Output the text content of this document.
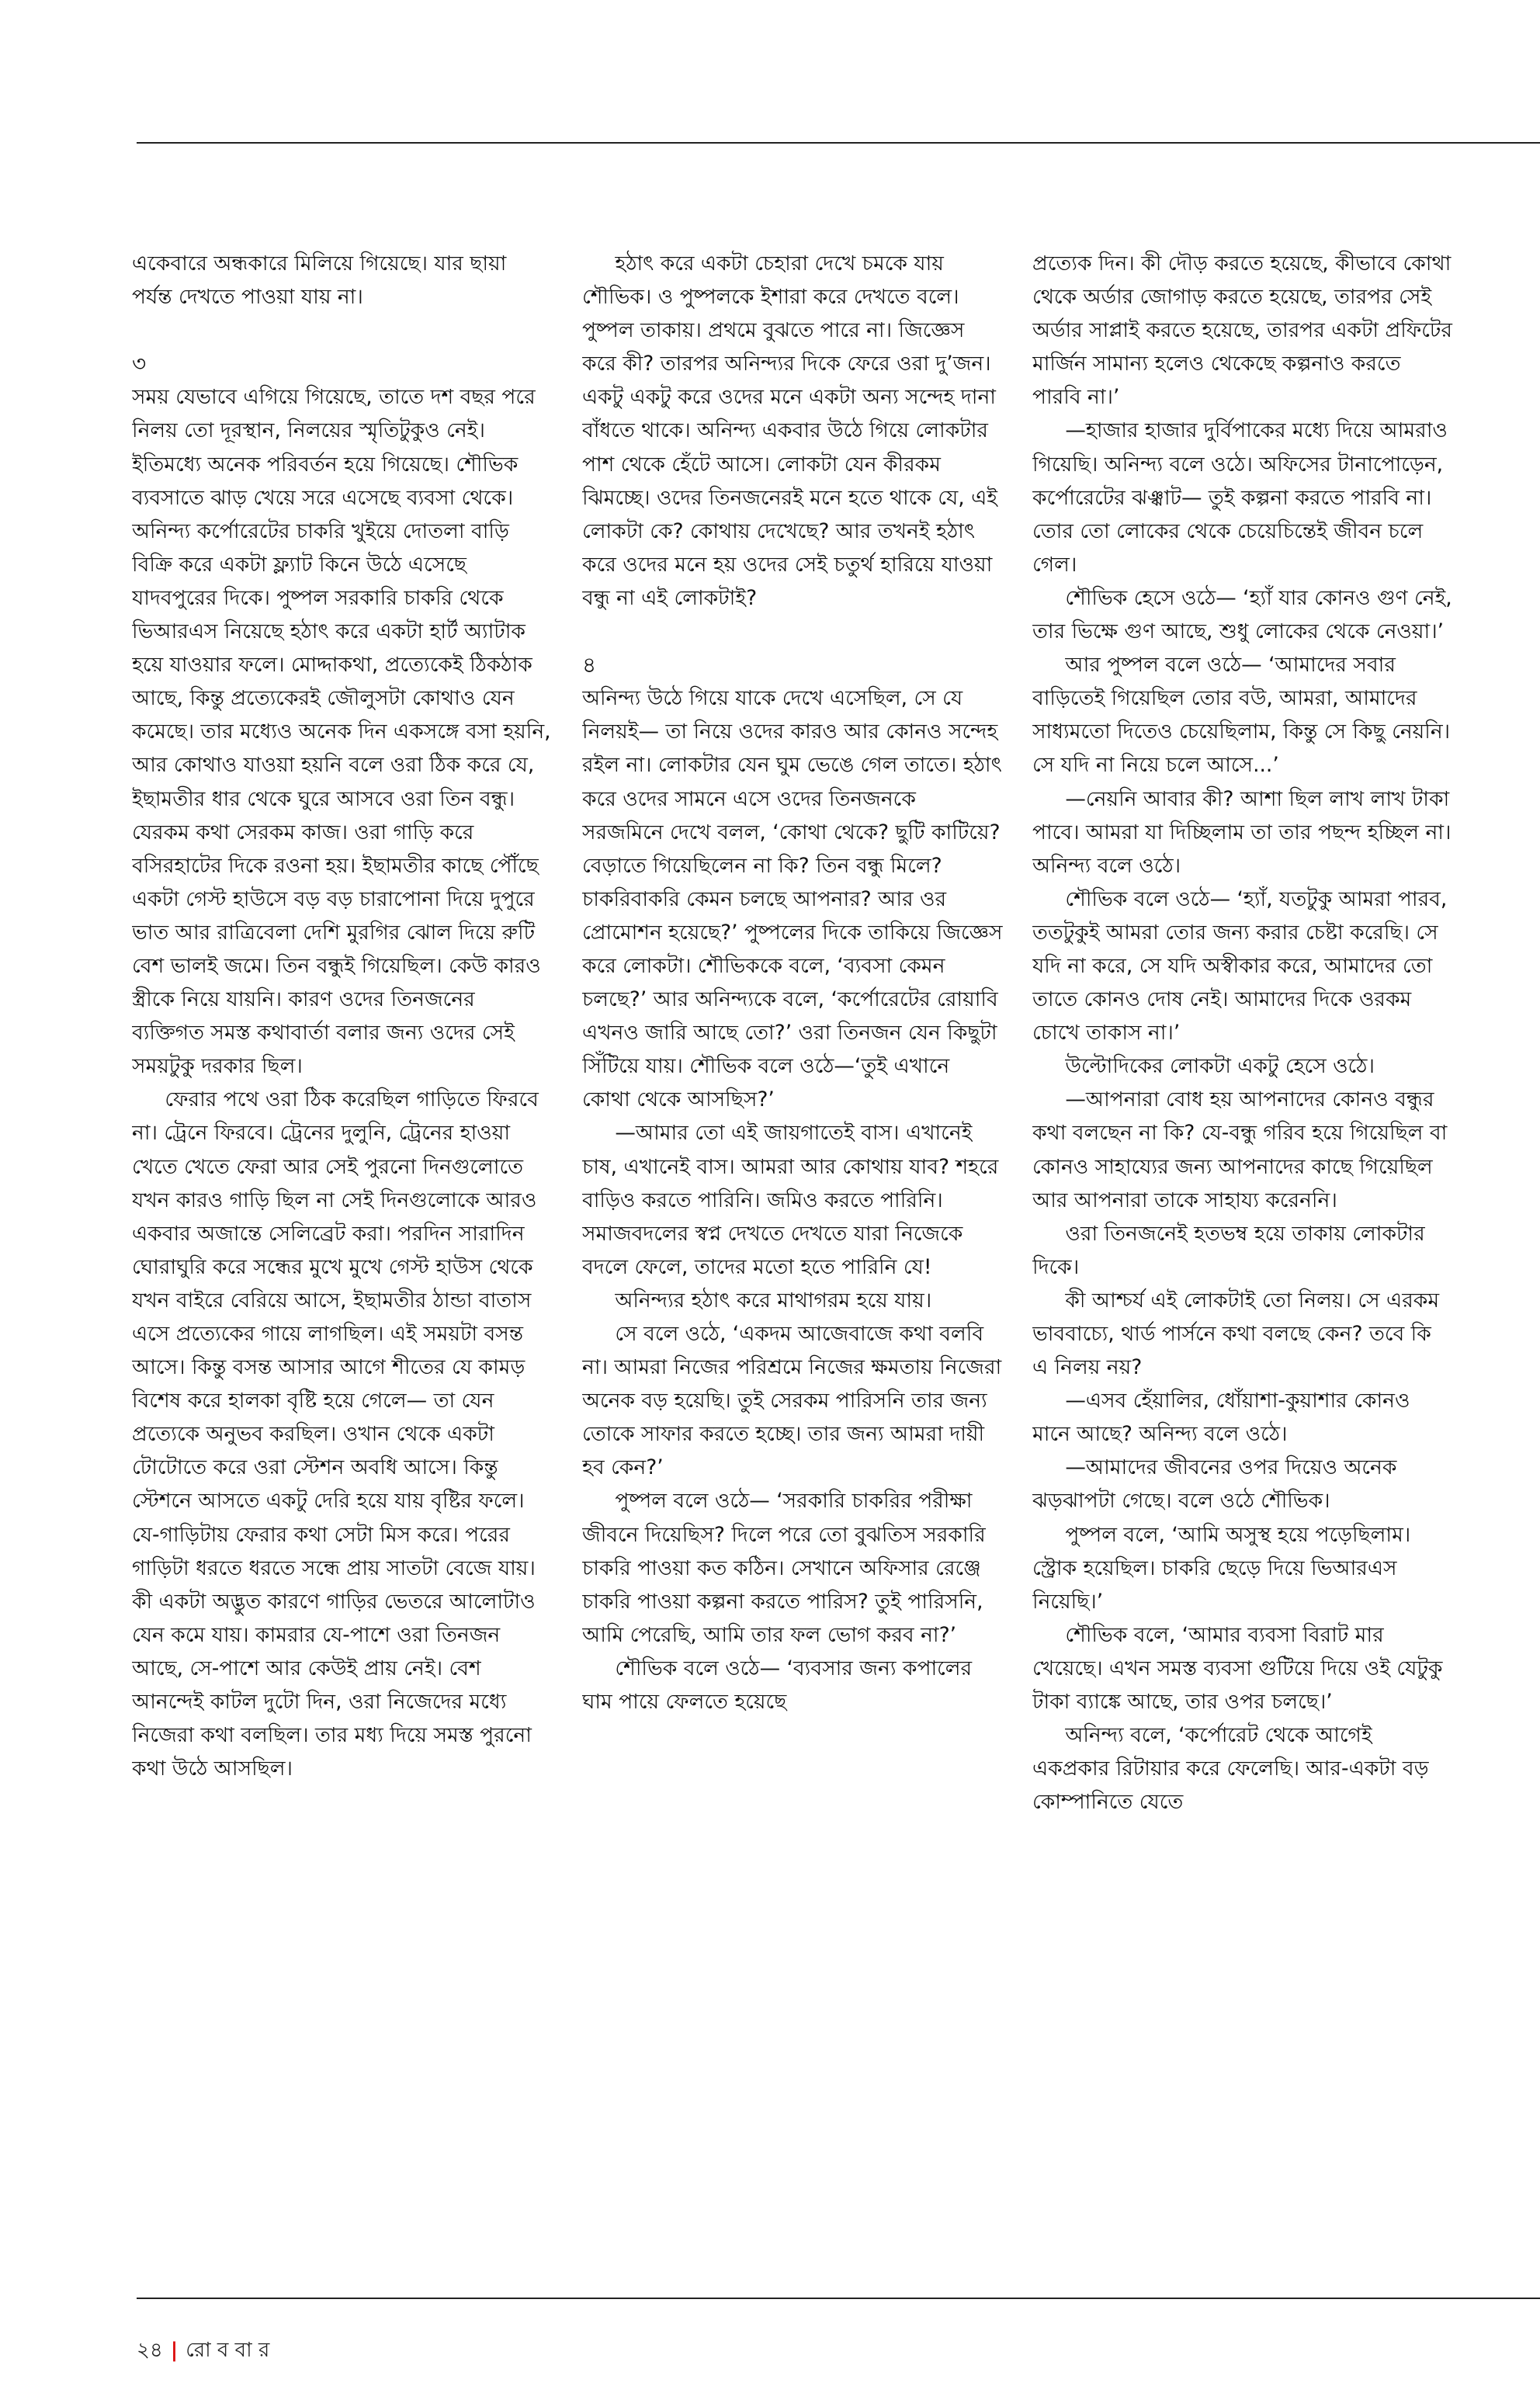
একেবারে অন্ধকারে মিলিয়ে গিয়েছে। যার ছায়া পর্যন্ত দেখতে পাওয়া যায় না।

৩

সময় যেভাবে এগিয়ে গিয়েছে, তাতে দশ বছর পরে নিলয় তো দূরস্থান, নিলয়ের স্মৃতিটুকুও নেই। ইতিমধ্যে অনেক পরিবর্তন হয়ে গিয়েছে। শৌভিক ব্যবসাতে ঝাড় খেয়ে সরে এসেছে ব্যবসা থেকে। অনিন্দ্য কর্পোরেটের চাকরি খুইয়ে দোতলা বাড়ি বিক্রি করে একটা ফ্ল্যাট কিনে উঠে এসেছে যাদবপুরের দিকে। পুষ্পল সরকারি চাকরি থেকে ভিআরএস নিয়েছে হঠাৎ করে একটা হার্ট অ্যাটাক হয়ে যাওয়ার ফলে। মোদ্দাকথা, প্রত্যেকেই ঠিকঠাক আছে, কিন্তু প্রত্যেকেরই জৌলুসটা কোথাও যেন কমেছে। তার মধ্যেও অনেক দিন একসঙ্গে বসা হয়নি, আর কোথাও যাওয়া হয়নি বলে ওরা ঠিক করে যে, ইছামতীর ধার থেকে ঘুরে আসবে ওরা তিন বন্ধু। যেরকম কথা সেরকম কাজ। ওরা গাড়ি করে বসিরহাটের দিকে রওনা হয়। ইছামতীর কাছে পৌঁছে একটা গেস্ট হাউসে বড় বড় চারাপোনা দিয়ে দুপুরে ভাত আর রাত্রিবেলা দেশি মুরগির ঝোল দিয়ে রুটি বেশ ভালই জমে। তিন বন্ধুই গিয়েছিল। কেউ কারও স্ত্রীকে নিয়ে যায়নি। কারণ ওদের তিনজনের ব্যক্তিগত সমস্ত কথাবার্তা বলার জন্য ওদের সেই সময়টুকু দরকার ছিল।

ফেরার পথে ওরা ঠিক করেছিল গাড়িতে ফিরবে না। ট্রেনে ফিরবে। ট্রেনের দুলুনি, ট্রেনের হাওয়া খেতে খেতে ফেরা আর সেই পুরনো দিনগুলোতে যখন কারও গাড়ি ছিল না সেই দিনগুলোকে আরও একবার অজান্তে সেলিব্রেট করা। পরদিন সারাদিন ঘোরাঘুরি করে সন্ধের মুখে মুখে গেস্ট হাউস থেকে যখন বাইরে বেরিয়ে আসে, ইছামতীর ঠান্ডা বাতাস এসে প্রত্যেকের গায়ে লাগছিল। এই সময়টা বসন্ত আসে। কিন্তু বসন্ত আসার আগে শীতের যে কামড় বিশেষ করে হালকা বৃষ্টি হয়ে গেলে— তা যেন প্রত্যেকে অনুভব করছিল। ওখান থেকে একটা টোটোতে করে ওরা স্টেশন অবধি আসে। কিন্তু স্টেশনে আসতে একটু দেরি হয়ে যায় বৃষ্টির ফলে। যে-গাড়িটায় ফেরার কথা সেটা মিস করে। পরের গাড়িটা ধরতে ধরতে সন্ধে প্রায় সাতটা বেজে যায়। কী একটা অদ্ভুত কারণে গাড়ির ভেতরে আলোটাও যেন কমে যায়। কামরার যে-পাশে ওরা তিনজন আছে, সে-পাশে আর কেউই প্রায় নেই। বেশ আনন্দেই কাটল দুটো দিন, ওরা নিজেদের মধ্যে নিজেরা কথা বলছিল। তার মধ্য দিয়ে সমস্ত পুরনো কথা উঠে আসছিল।

হঠাৎ করে একটা চেহারা দেখে চমকে যায় শৌভিক। ও পুষ্পলকে ইশারা করে দেখতে বলে। পুষ্পল তাকায়। প্রথমে বুঝতে পারে না। জিজ্ঞেস করে কী? তারপর অনিন্দ্যর দিকে ফেরে ওরা দু’জন। একটু একটু করে ওদের মনে একটা অন্য সন্দেহ দানা বাঁধতে থাকে। অনিন্দ্য একবার উঠে গিয়ে লোকটার পাশ থেকে হেঁটে আসে। লোকটা যেন কীরকম ঝিমচ্ছে। ওদের তিনজনেরই মনে হতে থাকে যে, এই লোকটা কে? কোথায় দেখেছে? আর তখনই হঠাৎ করে ওদের মনে হয় ওদের সেই চতুর্থ হারিয়ে যাওয়া বন্ধু না এই লোকটাই?

৪

অনিন্দ্য উঠে গিয়ে যাকে দেখে এসেছিল, সে যে নিলয়ই— তা নিয়ে ওদের কারও আর কোনও সন্দেহ রইল না। লোকটার যেন ঘুম ভেঙে গেল তাতে। হঠাৎ করে ওদের সামনে এসে ওদের তিনজনকে সরজমিনে দেখে বলল, ‘কোথা থেকে? ছুটি কাটিয়ে? বেড়াতে গিয়েছিলেন না কি? তিন বন্ধু মিলে? চাকরিবাকরি কেমন চলছে আপনার? আর ওর প্রোমোশন হয়েছে?’ পুষ্পলের দিকে তাকিয়ে জিজ্ঞেস করে লোকটা। শৌভিককে বলে, ‘ব্যবসা কেমন চলছে?’ আর অনিন্দ্যকে বলে, ‘কর্পোরেটের রোয়াবি এখনও জারি আছে তো?’ ওরা তিনজন যেন কিছুটা সিঁটিয়ে যায়। শৌভিক বলে ওঠে—‘তুই এখানে কোথা থেকে আসছিস?’

—আমার তো এই জায়গাতেই বাস। এখানেই চাষ, এখানেই বাস। আমরা আর কোথায় যাব? শহরে বাড়িও করতে পারিনি। জমিও করতে পারিনি। সমাজবদলের স্বপ্ন দেখতে দেখতে যারা নিজেকে বদলে ফেলে, তাদের মতো হতে পারিনি যে!

অনিন্দ্যর হঠাৎ করে মাথাগরম হয়ে যায়।

সে বলে ওঠে, ‘একদম আজেবাজে কথা বলবি না। আমরা নিজের পরিশ্রমে নিজের ক্ষমতায় নিজেরা অনেক বড় হয়েছি। তুই সেরকম পারিসনি তার জন্য তোকে সাফার করতে হচ্ছে। তার জন্য আমরা দায়ী হব কেন?’

পুষ্পল বলে ওঠে— ‘সরকারি চাকরির পরীক্ষা জীবনে দিয়েছিস? দিলে পরে তো বুঝতিস সরকারি চাকরি পাওয়া কত কঠিন। সেখানে অফিসার রেঞ্জে চাকরি পাওয়া কল্পনা করতে পারিস? তুই পারিসনি, আমি পেরেছি, আমি তার ফল ভোগ করব না?’

শৌভিক বলে ওঠে— ‘ব্যবসার জন্য কপালের ঘাম পায়ে ফেলতে হয়েছে

প্রত্যেক দিন। কী দৌড় করতে হয়েছে, কীভাবে কোথা থেকে অর্ডার জোগাড় করতে হয়েছে, তারপর সেই অর্ডার সাপ্লাই করতে হয়েছে, তারপর একটা প্রফিটের মার্জিন সামান্য হলেও থেকেছে কল্পনাও করতে পারবি না।’

—হাজার হাজার দুর্বিপাকের মধ্যে দিয়ে আমরাও গিয়েছি। অনিন্দ্য বলে ওঠে। অফিসের টানাপোড়েন, কর্পোরেটের ঝঞ্ঝাট— তুই কল্পনা করতে পারবি না। তোর তো লোকের থেকে চেয়েচিন্তেই জীবন চলে গেল।

শৌভিক হেসে ওঠে— ‘হ্যাঁ যার কোনও গুণ নেই, তার ভিক্ষে গুণ আছে, শুধু লোকের থেকে নেওয়া।’

আর পুষ্পল বলে ওঠে— ‘আমাদের সবার বাড়িতেই গিয়েছিল তোর বউ, আমরা, আমাদের সাধ্যমতো দিতেও চেয়েছিলাম, কিন্তু সে কিছু নেয়নি। সে যদি না নিয়ে চলে আসে...’

—নেয়নি আবার কী? আশা ছিল লাখ লাখ টাকা পাবে। আমরা যা দিচ্ছিলাম তা তার পছন্দ হচ্ছিল না। অনিন্দ্য বলে ওঠে।

শৌভিক বলে ওঠে— ‘হ্যাঁ, যতটুকু আমরা পারব, ততটুকুই আমরা তোর জন্য করার চেষ্টা করেছি। সে যদি না করে, সে যদি অস্বীকার করে, আমাদের তো তাতে কোনও দোষ নেই। আমাদের দিকে ওরকম চোখে তাকাস না।’

উল্টোদিকের লোকটা একটু হেসে ওঠে।

—আপনারা বোধ হয় আপনাদের কোনও বন্ধুর কথা বলছেন না কি? যে-বন্ধু গরিব হয়ে গিয়েছিল বা কোনও সাহায্যের জন্য আপনাদের কাছে গিয়েছিল আর আপনারা তাকে সাহায্য করেননি।

ওরা তিনজনেই হতভম্ব হয়ে তাকায় লোকটার দিকে।

কী আশ্চর্য এই লোকটাই তো নিলয়। সে এরকম ভাববাচ্যে, থার্ড পার্সনে কথা বলছে কেন? তবে কি এ নিলয় নয়?

—এসব হেঁয়ালির, ধোঁয়াশা-কুয়াশার কোনও মানে আছে? অনিন্দ্য বলে ওঠে।

—আমাদের জীবনের ওপর দিয়েও অনেক ঝড়ঝাপটা গেছে। বলে ওঠে শৌভিক।

পুষ্পল বলে, ‘আমি অসুস্থ হয়ে পড়েছিলাম। স্ট্রোক হয়েছিল। চাকরি ছেড়ে দিয়ে ভিআরএস নিয়েছি।’

শৌভিক বলে, ‘আমার ব্যবসা বিরাট মার খেয়েছে। এখন সমস্ত ব্যবসা গুটিয়ে দিয়ে ওই যেটুকু টাকা ব্যাঙ্কে আছে, তার ওপর চলছে।’

অনিন্দ্য বলে, ‘কর্পোরেট থেকে আগেই একপ্রকার রিটায়ার করে ফেলেছি। আর-একটা বড় কোম্পানিতে যেতে

২৪ | রো ব বা র
